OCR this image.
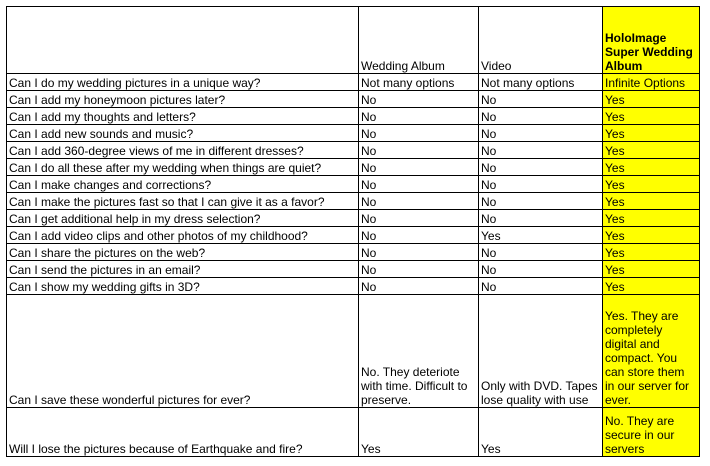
	Wedding Album	Video	HoloImage Super Wedding Album
Can I do my wedding pictures in a unique way?	Not many options	Not many options	Infinite Options
Can I add my honeymoon pictures later?	No	No	Yes
Can I add my thoughts and letters?	No	No	Yes
Can I add new sounds and music?	No	No	Yes
Can I add 360-degree views of me in different dresses?	No	No	Yes
Can I do all these after my wedding when things are quiet?	No	No	Yes
Can I make changes and corrections?	No	No	Yes
Can I make the pictures fast so that I can give it as a favor?	No	No	Yes
Can I get additional help in my dress selection?	No	No	Yes
Can I add video clips and other photos of my childhood?	No	Yes	Yes
Can I share the pictures on the web?	No	No	Yes
Can I send the pictures in an email?	No	No	Yes
Can I show my wedding gifts in 3D?	No	No	Yes
Can I save these wonderful pictures for ever?	No. They deteriote with time. Difficult to preserve.	Only with DVD. Tapes lose quality with use	Yes. They are completely digital and compact. You can store them in our server for ever.
Will I lose the pictures because of Earthquake and fire?	Yes	Yes	No. They are secure in our servers
